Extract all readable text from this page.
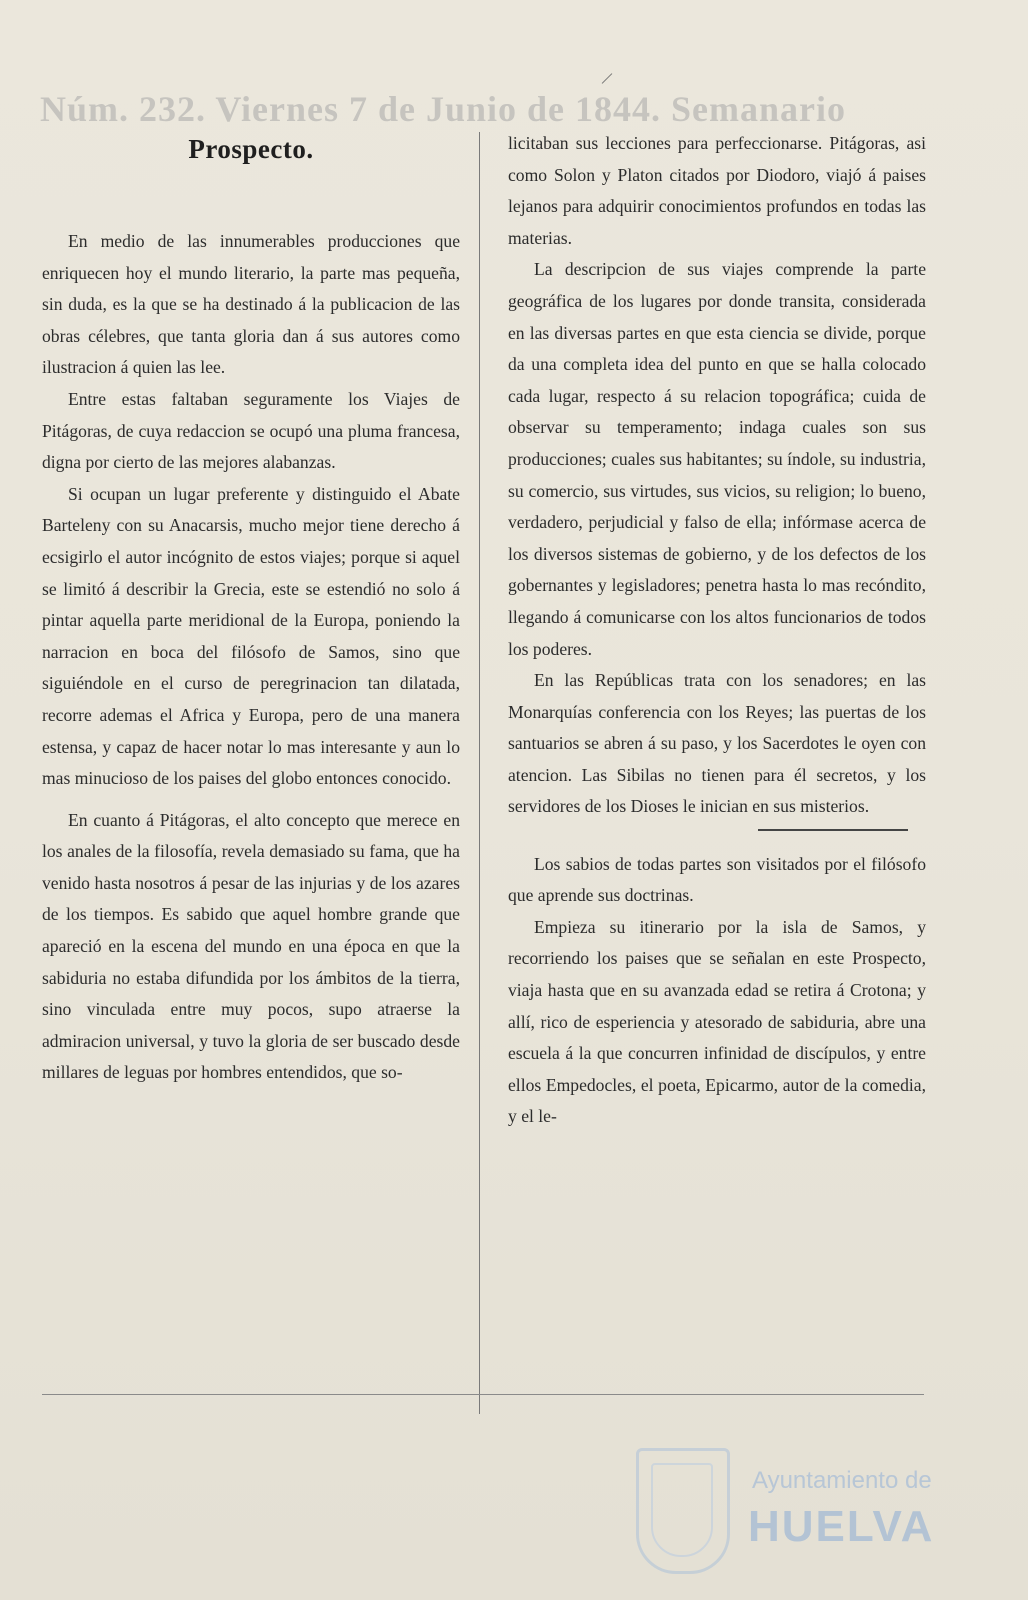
Núm. 232. Viernes 7 de Junio de 1844. Semanario
Prospecto.

En medio de las innumerables producciones que enriquecen hoy el mundo literario, la parte mas pequeña, sin duda, es la que se ha destinado á la publicacion de las obras célebres, que tanta gloria dan á sus autores como ilustracion á quien las lee.

Entre estas faltaban seguramente los Viajes de Pitágoras, de cuya redaccion se ocupó una pluma francesa, digna por cierto de las mejores alabanzas.

Si ocupan un lugar preferente y distinguido el Abate Barteleny con su Anacarsis, mucho mejor tiene derecho á ecsigirlo el autor incógnito de estos viajes; porque si aquel se limitó á describir la Grecia, este se estendió no solo á pintar aquella parte meridional de la Europa, poniendo la narracion en boca del filósofo de Samos, sino que siguiéndole en el curso de peregrinacion tan dilatada, recorre ademas el Africa y Europa, pero de una manera estensa, y capaz de hacer notar lo mas interesante y aun lo mas minucioso de los paises del globo entonces conocido.

En cuanto á Pitágoras, el alto concepto que merece en los anales de la filosofía, revela demasiado su fama, que ha venido hasta nosotros á pesar de las injurias y de los azares de los tiempos. Es sabido que aquel hombre grande que apareció en la escena del mundo en una época en que la sabiduria no estaba difundida por los ámbitos de la tierra, sino vinculada entre muy pocos, supo atraerse la admiracion universal, y tuvo la gloria de ser buscado desde millares de leguas por hombres entendidos, que so-

licitaban sus lecciones para perfeccionarse. Pitágoras, asi como Solon y Platon citados por Diodoro, viajó á paises lejanos para adquirir conocimientos profundos en todas las materias.

La descripcion de sus viajes comprende la parte geográfica de los lugares por donde transita, considerada en las diversas partes en que esta ciencia se divide, porque da una completa idea del punto en que se halla colocado cada lugar, respecto á su relacion topográfica; cuida de observar su temperamento; indaga cuales son sus producciones; cuales sus habitantes; su índole, su industria, su comercio, sus virtudes, sus vicios, su religion; lo bueno, verdadero, perjudicial y falso de ella; infórmase acerca de los diversos sistemas de gobierno, y de los defectos de los gobernantes y legisladores; penetra hasta lo mas recóndito, llegando á comunicarse con los altos funcionarios de todos los poderes.

En las Repúblicas trata con los senadores; en las Monarquías conferencia con los Reyes; las puertas de los santuarios se abren á su paso, y los Sacerdotes le oyen con atencion. Las Sibilas no tienen para él secretos, y los servidores de los Dioses le inician en sus misterios.

Los sabios de todas partes son visitados por el filósofo que aprende sus doctrinas.

Empieza su itinerario por la isla de Samos, y recorriendo los paises que se señalan en este Prospecto, viaja hasta que en su avanzada edad se retira á Crotona; y allí, rico de esperiencia y atesorado de sabiduria, abre una escuela á la que concurren infinidad de discípulos, y entre ellos Empedocles, el poeta, Epicarmo, autor de la comedia, y el le-

Ayuntamiento de
HUELVA
